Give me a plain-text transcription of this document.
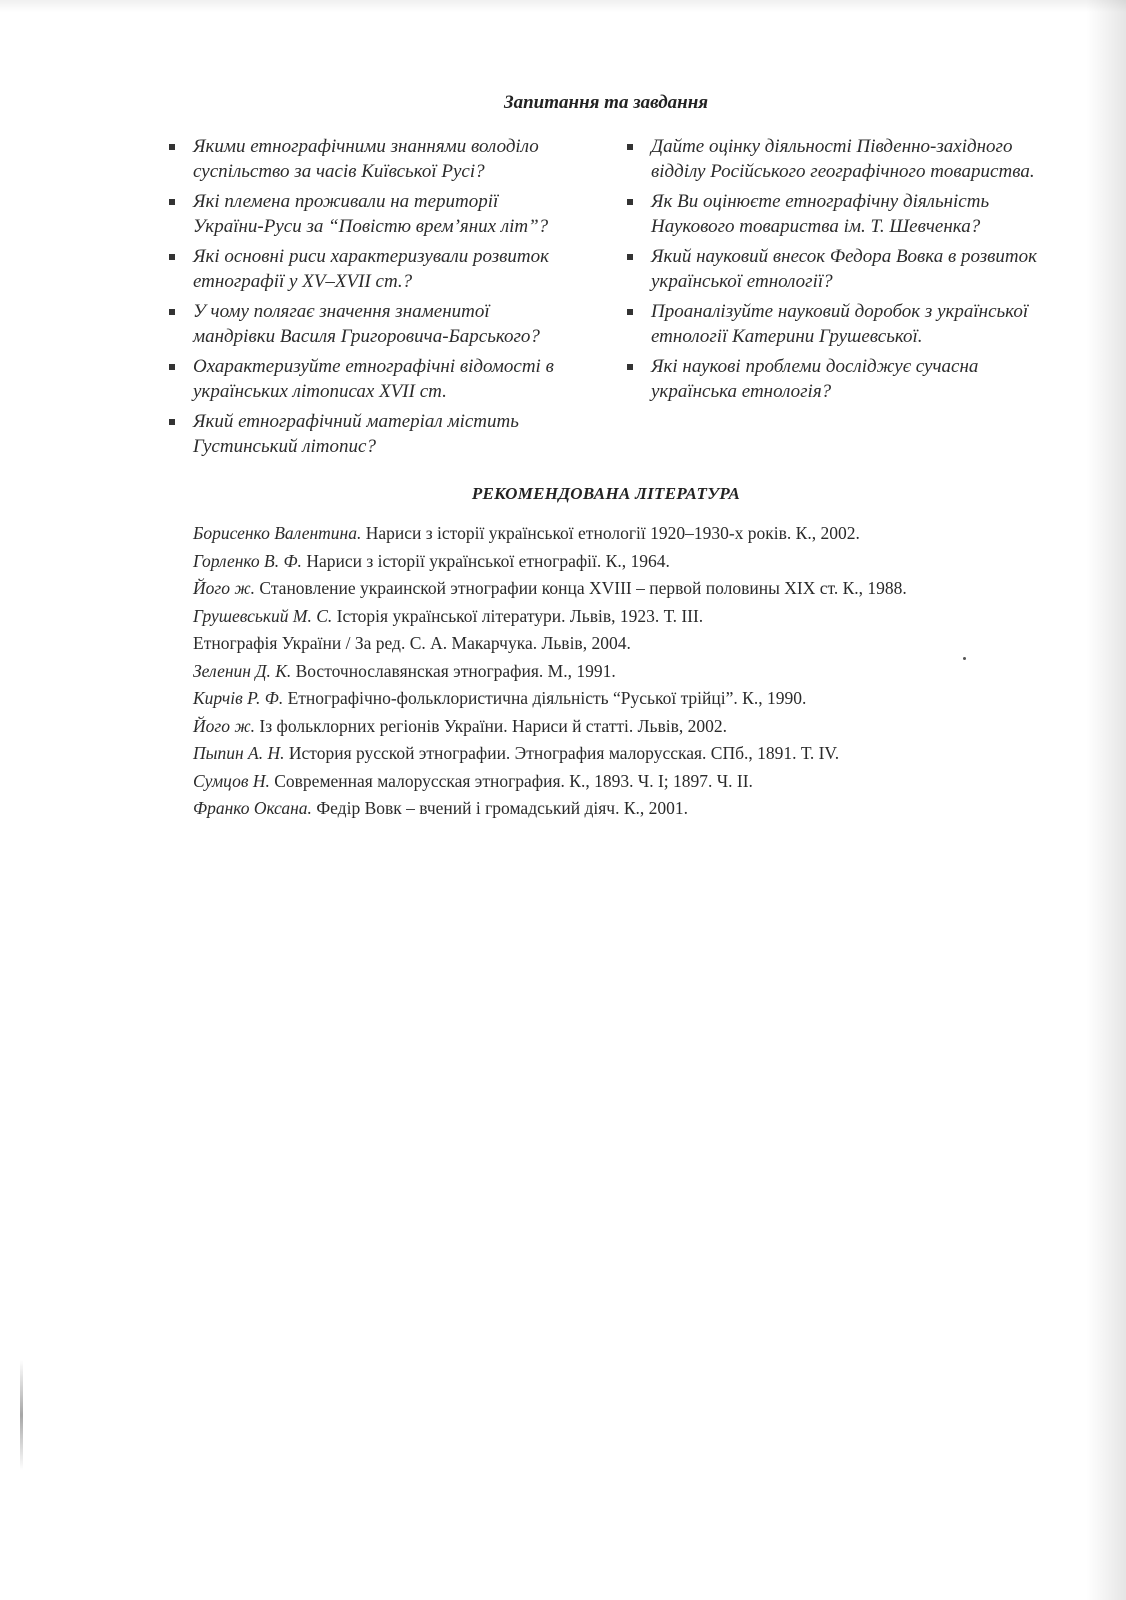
Запитання та завдання
Якими етнографічними знаннями володіло суспільство за часів Київської Русі?
Які племена проживали на території України-Руси за “Повістю врем’яних літ”?
Які основні риси характеризували розвиток етнографії у XV–XVII ст.?
У чому полягає значення знаменитої мандрівки Василя Григоровича-Барського?
Охарактеризуйте етнографічні відомості в українських літописах XVII ст.
Який етнографічний матеріал містить Густинський літопис?
Дайте оцінку діяльності Південно-західного відділу Російського географічного товариства.
Як Ви оцінюєте етнографічну діяльність Наукового товариства ім. Т. Шевченка?
Який науковий внесок Федора Вовка в розвиток української етнології?
Проаналізуйте науковий доробок з української етнології Катерини Грушевської.
Які наукові проблеми досліджує сучасна українська етнологія?
РЕКОМЕНДОВАНА ЛІТЕРАТУРА
Борисенко Валентина. Нариси з історії української етнології 1920–1930-х років. К., 2002.
Горленко В. Ф. Нариси з історії української етнографії. К., 1964.
Його ж. Становление украинской этнографии конца XVIII – первой половины XIX ст. К., 1988.
Грушевський М. С. Історія української літератури. Львів, 1923. Т. III.
Етнографія України / За ред. С. А. Макарчука. Львів, 2004.
Зеленин Д. К. Восточнославянская этнография. М., 1991.
Кирчів Р. Ф. Етнографічно-фольклористична діяльність “Руської трійці”. К., 1990.
Його ж. Із фольклорних регіонів України. Нариси й статті. Львів, 2002.
Пыпин А. Н. История русской этнографии. Этнография малорусская. СПб., 1891. Т. IV.
Сумцов Н. Современная малорусская этнография. К., 1893. Ч. I; 1897. Ч. II.
Франко Оксана. Федір Вовк – вчений і громадський діяч. К., 2001.
